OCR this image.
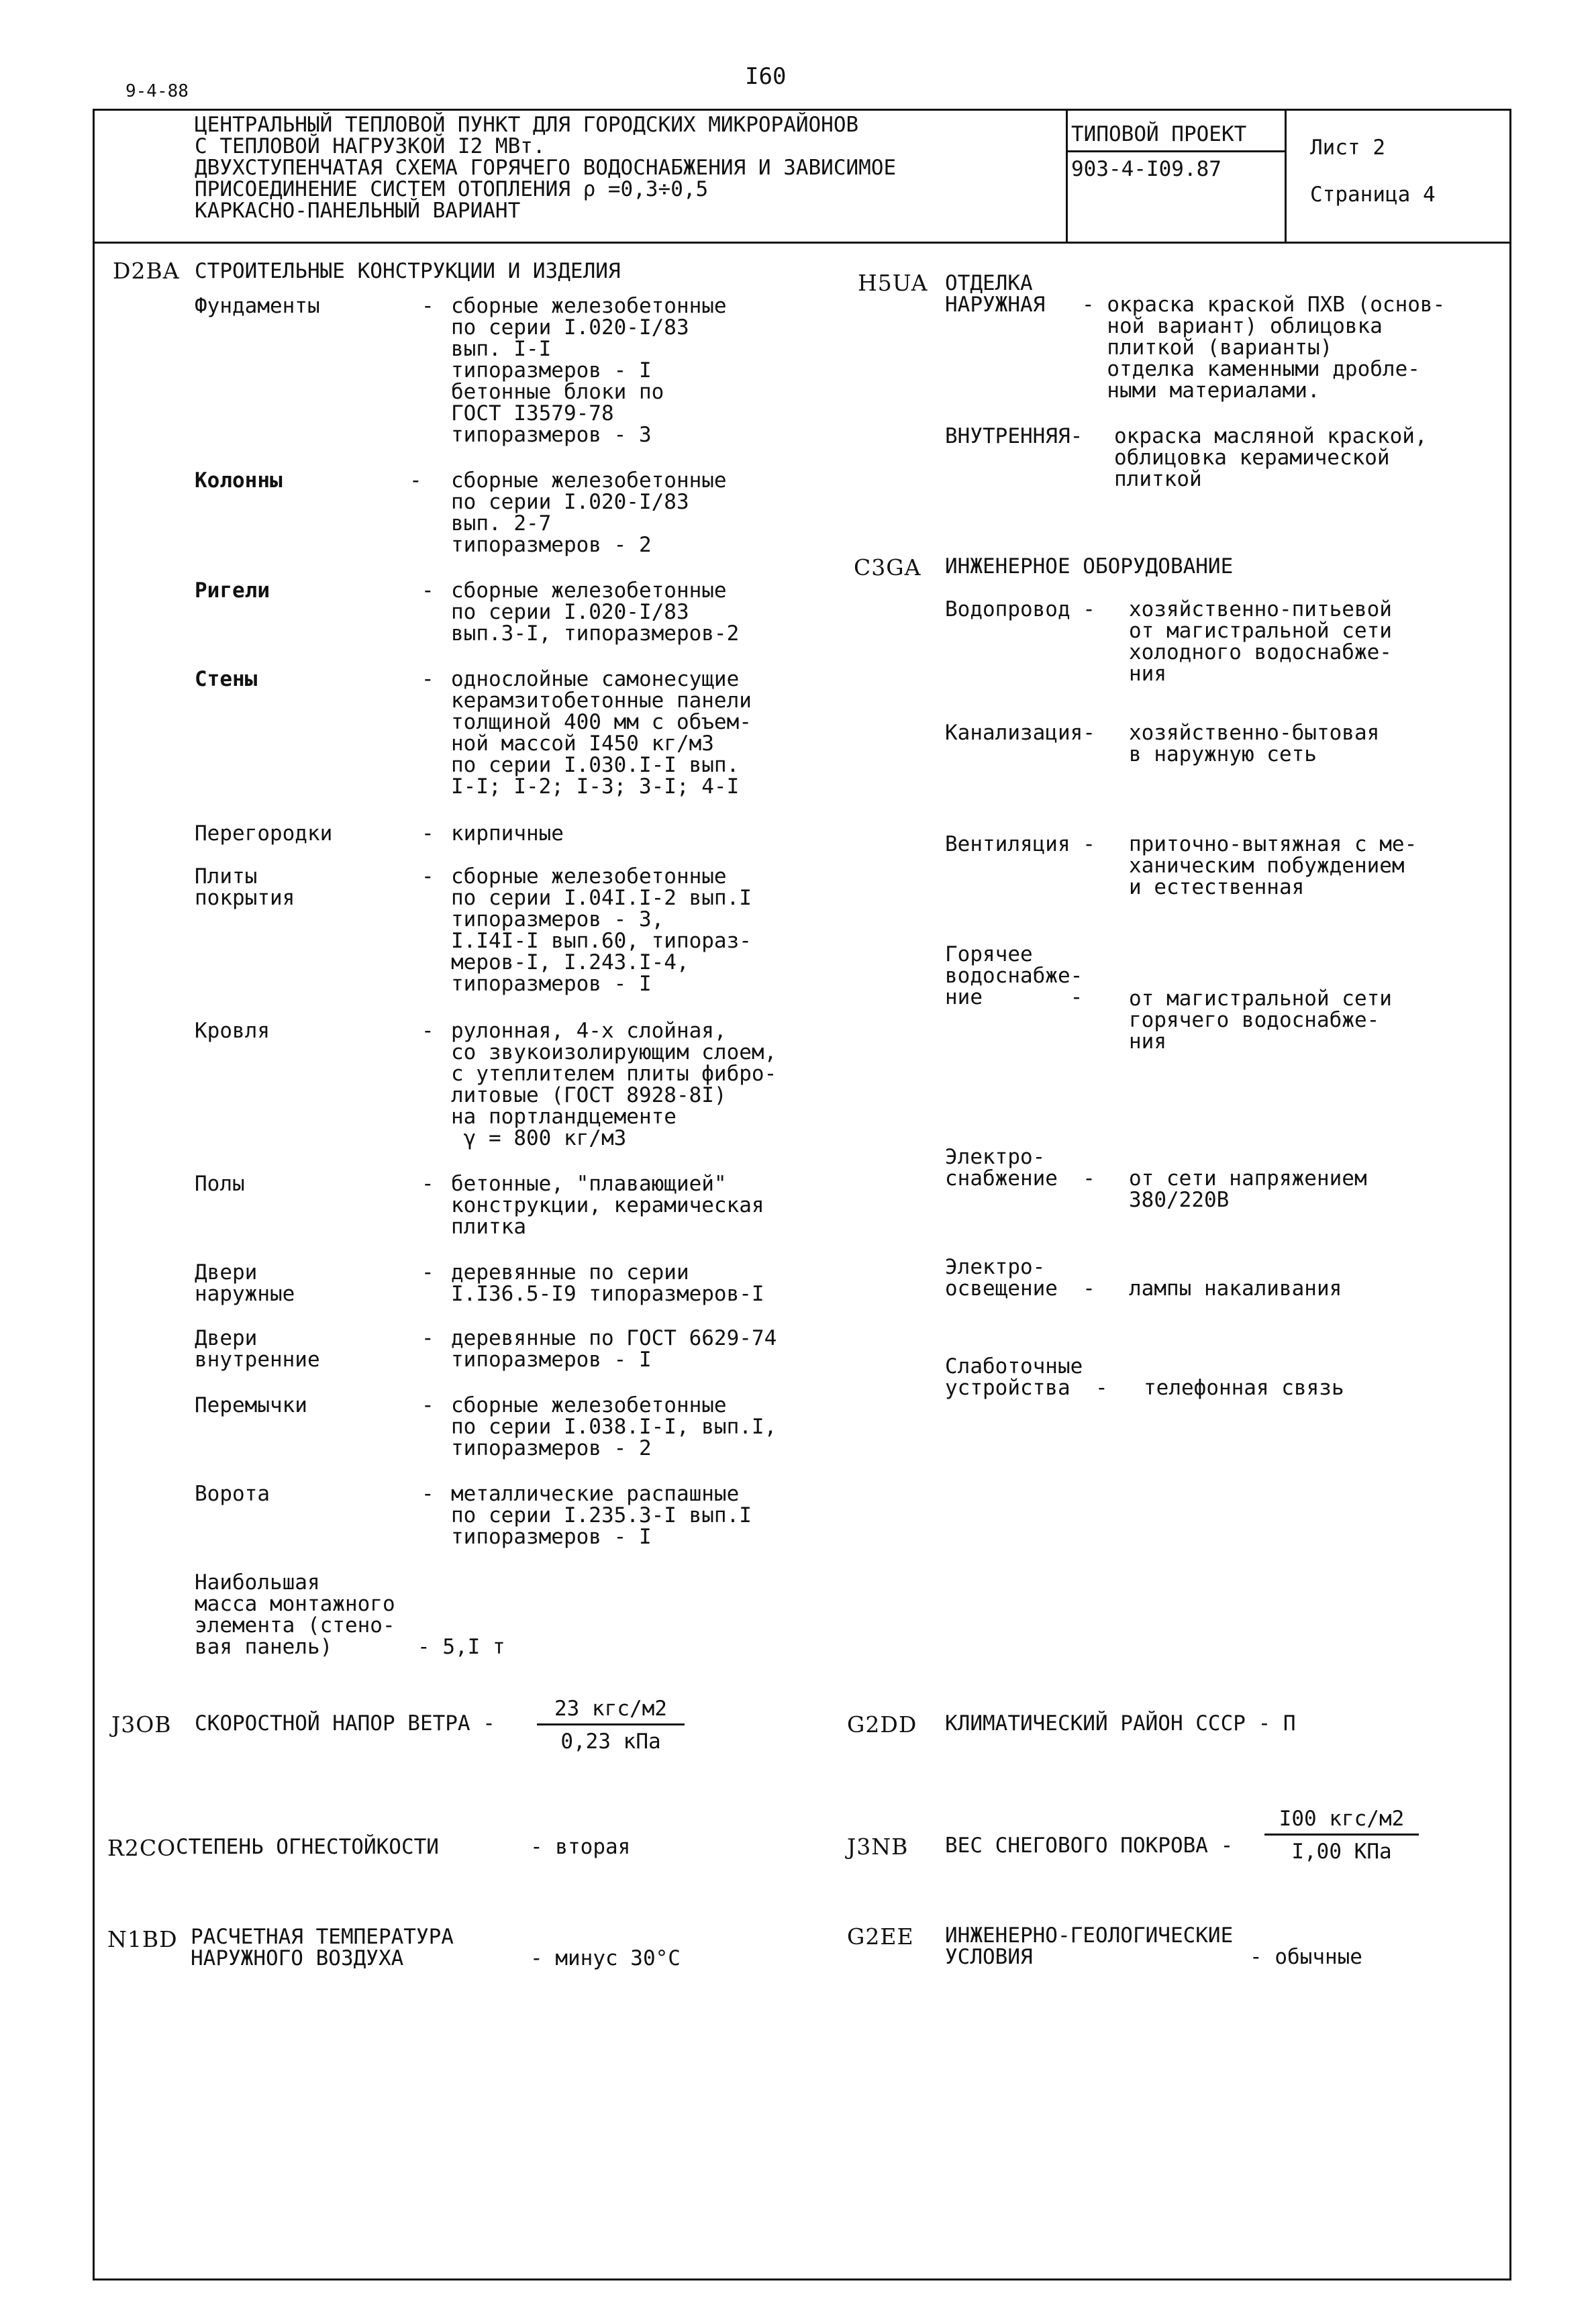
9-4-88
I60
ЦЕНТРАЛЬНЫЙ ТЕПЛОВОЙ ПУНКТ ДЛЯ ГОРОДСКИХ МИКРОРАЙОНОВ
С ТЕПЛОВОЙ НАГРУЗКОЙ I2 МВт.
ДВУХСТУПЕНЧАТАЯ СХЕМА ГОРЯЧЕГО ВОДОСНАБЖЕНИЯ И ЗАВИСИМОЕ
ПРИСОЕДИНЕНИЕ СИСТЕМ ОТОПЛЕНИЯ ρ =0,3÷0,5
КАРКАСНО-ПАНЕЛЬНЫЙ ВАРИАНТ
ТИПОВОЙ ПРОЕКТ
903-4-I09.87
Лист 2
Страница 4
D2BA СТРОИТЕЛЬНЫЕ КОНСТРУКЦИИ И ИЗДЕЛИЯ
Фундаменты	- сборные железобетонные
по серии I.020-I/83
вып. I-I
типоразмеров - I
бетонные блоки по
ГОСТ I3579-78
типоразмеров - 3
Колонны	- сборные железобетонные
по серии I.020-I/83
вып. 2-7
типоразмеров - 2
Ригели	- сборные железобетонные
по серии I.020-I/83
вып.3-I, типоразмеров-2
Стены	- однослойные самонесущие
керамзитобетонные панели
толщиной 400 мм с объем-
ной массой I450 кг/м3
по серии I.030.I-I вып.
I-I; I-2; I-3; 3-I; 4-I
Перегородки	- кирпичные
Плиты
покрытия
- сборные железобетонные
по серии I.04I.I-2 вып.I
типоразмеров - 3,
I.I4I-I вып.60, типораз-
меров-I, I.243.I-4,
типоразмеров - I
Кровля	- рулонная, 4-х слойная,
со звукоизолирующим слоем,
с утеплителем плиты фибро-
литовые (ГОСТ 8928-8I)
на портландцементе
γ = 800 кг/м3
Полы	- бетонные, "плавающией"
конструкции, керамическая
плитка
Двери
наружные
- деревянные по серии
I.I36.5-I9 типоразмеров-I
Двери
внутренние
- деревянные по ГОСТ 6629-74
типоразмеров - I
Перемычки	- сборные железобетонные
по серии I.038.I-I, вып.I,
типоразмеров - 2
Ворота	- металлические распашные
по серии I.235.3-I вып.I
типоразмеров - I
Наибольшая
масса монтажного
элемента (стено-
вая панель)	- 5,I т
H5UA ОТДЕЛКА
НАРУЖНАЯ - окраска краской ПХВ (основ-
ной вариант) облицовка
плиткой (варианты)
отделка каменными дробле-
ными материалами.
ВНУТРЕННЯЯ- окраска масляной краской,
облицовка керамической
плиткой
C3GA ИНЖЕНЕРНОЕ ОБОРУДОВАНИЕ
Водопровод - хозяйственно-питьевой
от магистральной сети
холодного водоснабже-
ния
Канализация- хозяйственно-бытовая
в наружную сеть
Вентиляция - приточно-вытяжная с ме-
ханическим побуждением
и естественная
Горячее
водоснабже-
ние       - от магистральной сети
горячего водоснабже-
ния
Электро-
снабжение  - от сети напряжением
380/220В
Электро-
освещение  - лампы накаливания
Слаботочные
устройства  - телефонная связь
J3OB СКОРОСТНОЙ НАПОР ВЕТРА -
23 кгс/м2
0,23 кПа
G2DD КЛИМАТИЧЕСКИЙ РАЙОН СССР - П
R2CO СТЕПЕНЬ ОГНЕСТОЙКОСТИ	- вторая	J3NB ВЕС СНЕГОВОГО ПОКРОВА -
I00 кгс/м2
I,00 КПа
N1BD РАСЧЕТНАЯ ТЕМПЕРАТУРА
НАРУЖНОГО ВОЗДУХА	- минус 30°С
G2EE ИНЖЕНЕРНО-ГЕОЛОГИЧЕСКИЕ
УСЛОВИЯ	- обычные
